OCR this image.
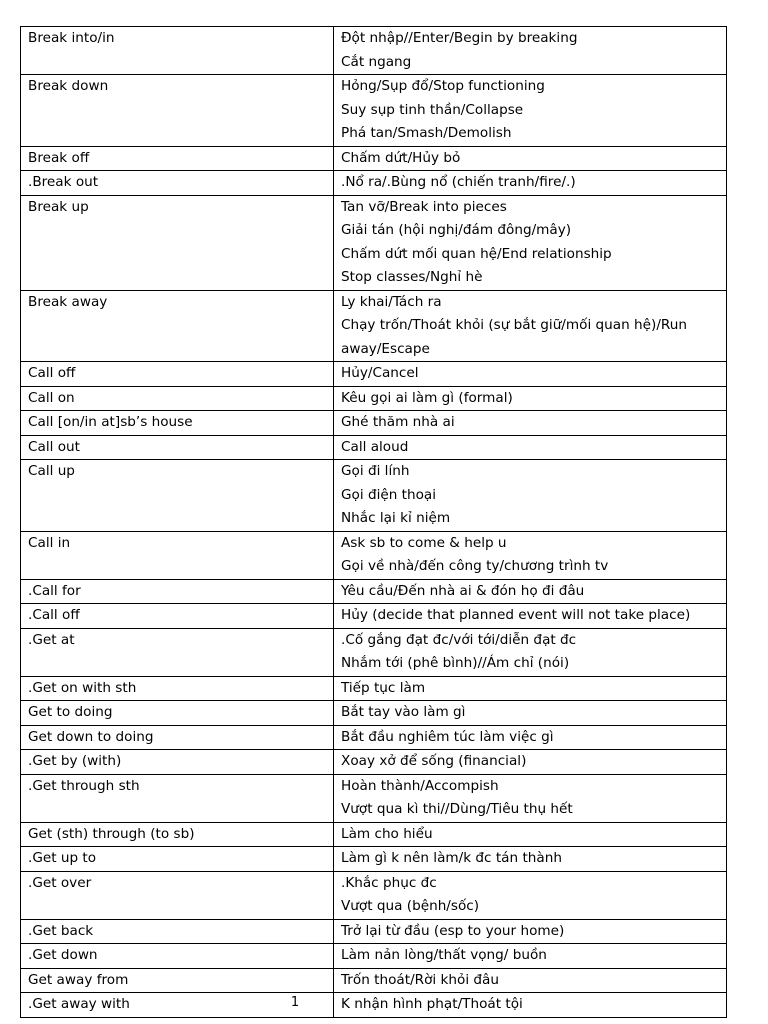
Break into/in	Đột nhập//Enter/Begin by breaking
Cắt ngang

Break down	Hỏng/Sụp đổ/Stop functioning
Suy sụp tinh thần/Collapse
Phá tan/Smash/Demolish

Break off	Chấm dứt/Hủy bỏ

.Break out	.Nổ ra/.Bùng nổ (chiến tranh/fire/.)

Break up	Tan vỡ/Break into pieces
Giải tán (hội nghị/đám đông/mây)
Chấm dứt mối quan hệ/End relationship
Stop classes/Nghỉ hè

Break away	Ly khai/Tách ra
Chạy trốn/Thoát khỏi (sự bắt giữ/mối quan hệ)/Run away/Escape

Call off	Hủy/Cancel

Call on	Kêu gọi ai làm gì (formal)

Call [on/in at]sb’s house	Ghé thăm nhà ai

Call out	Call aloud

Call up	Gọi đi lính
Gọi điện thoại
Nhắc lại kỉ niệm

Call in	Ask sb to come & help u
Gọi về nhà/đến công ty/chương trình tv

.Call for	Yêu cầu/Đến nhà ai & đón họ đi đâu

.Call off	Hủy (decide that planned event will not take place)

.Get at	.Cố gắng đạt đc/với tới/diễn đạt đc
Nhắm tới (phê bình)//Ám chỉ (nói)

.Get on with sth	Tiếp tục làm

Get to doing	Bắt tay vào làm gì

Get down to doing	Bắt đầu nghiêm túc làm việc gì

.Get by (with)	Xoay xở để sống (financial)

.Get through sth	Hoàn thành/Accompish
Vượt qua kì thi//Dùng/Tiêu thụ hết

Get (sth) through (to sb)	Làm cho hiểu

.Get up to	Làm gì k nên làm/k đc tán thành

.Get over	.Khắc phục đc
Vượt qua (bệnh/sốc)

.Get back	Trở lại từ đầu (esp to your home)

.Get down	Làm nản lòng/thất vọng/ buồn

Get away from	Trốn thoát/Rời khỏi đâu

.Get away with	K nhận hình phạt/Thoát tội
1
